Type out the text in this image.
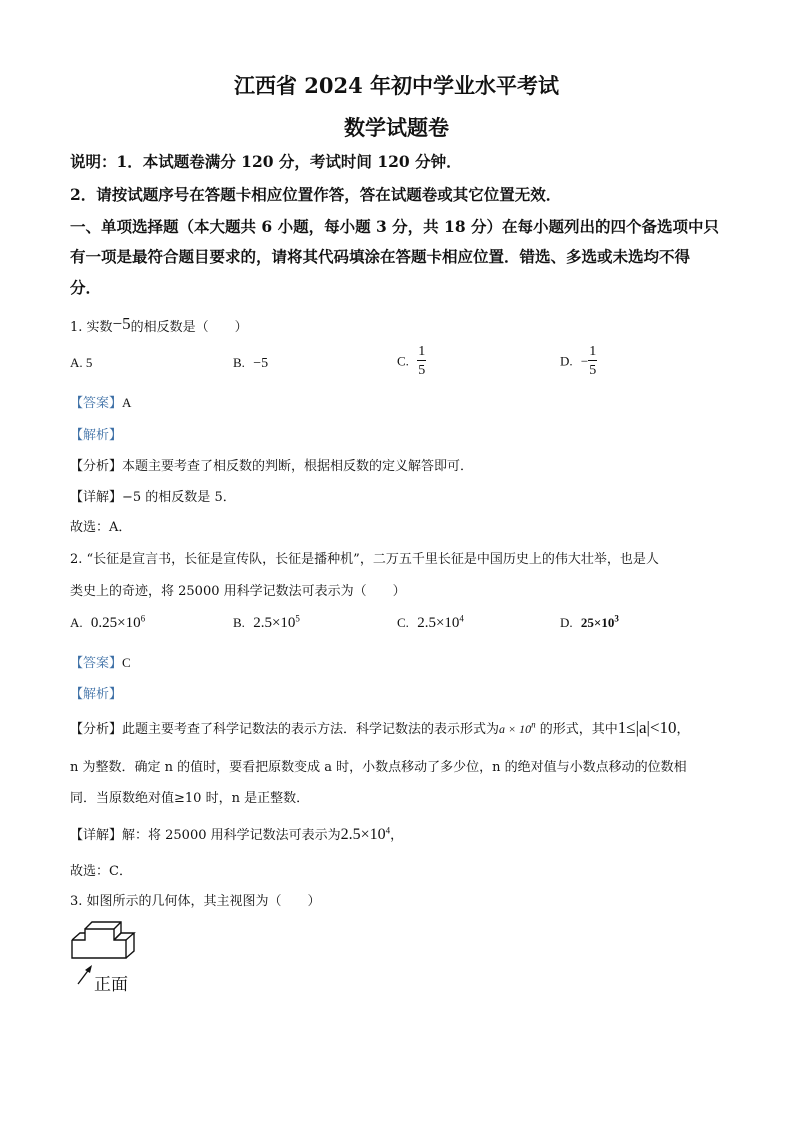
江西省 2024 年初中学业水平考试
数学试题卷
说明：1．本试题卷满分 120 分，考试时间 120 分钟．
2．请按试题序号在答题卡相应位置作答，答在试题卷或其它位置无效．
一、单项选择题（本大题共 6 小题，每小题 3 分，共 18 分）在每小题列出的四个备选项中只
有一项是最符合题目要求的，请将其代码填涂在答题卡相应位置．错选、多选或未选均不得
分．
1. 实数−5的相反数是（　　）
A. 5	B. −5	C. $\frac{1}{5}$	D. − $\frac{1}{5}$
【答案】A
【解析】
【分析】本题主要考查了相反数的判断，根据相反数的定义解答即可．
【详解】−5 的相反数是 5．
故选：A．
2. “长征是宣言书，长征是宣传队，长征是播种机”，二万五千里长征是中国历史上的伟大壮举，也是人
类史上的奇迹，将 25000 用科学记数法可表示为（　　）
A. $0.25\times 10^6$	B. $2.5\times 10^5$	C. $2.5\times 10^4$	D. $25\times 10^3$
【答案】C
【解析】
【分析】此题主要考查了科学记数法的表示方法．科学记数法的表示形式为$a \times 10^n$ 的形式，其中1≤|a|<10，
n 为整数．确定 n 的值时，要看把原数变成 a 时，小数点移动了多少位，n 的绝对值与小数点移动的位数相
同．当原数绝对值≥10 时，n 是正整数．
【详解】解：将 25000 用科学记数法可表示为$2.5\times 10^4$，
故选：C．
3. 如图所示的几何体，其主视图为（　　）
正面
